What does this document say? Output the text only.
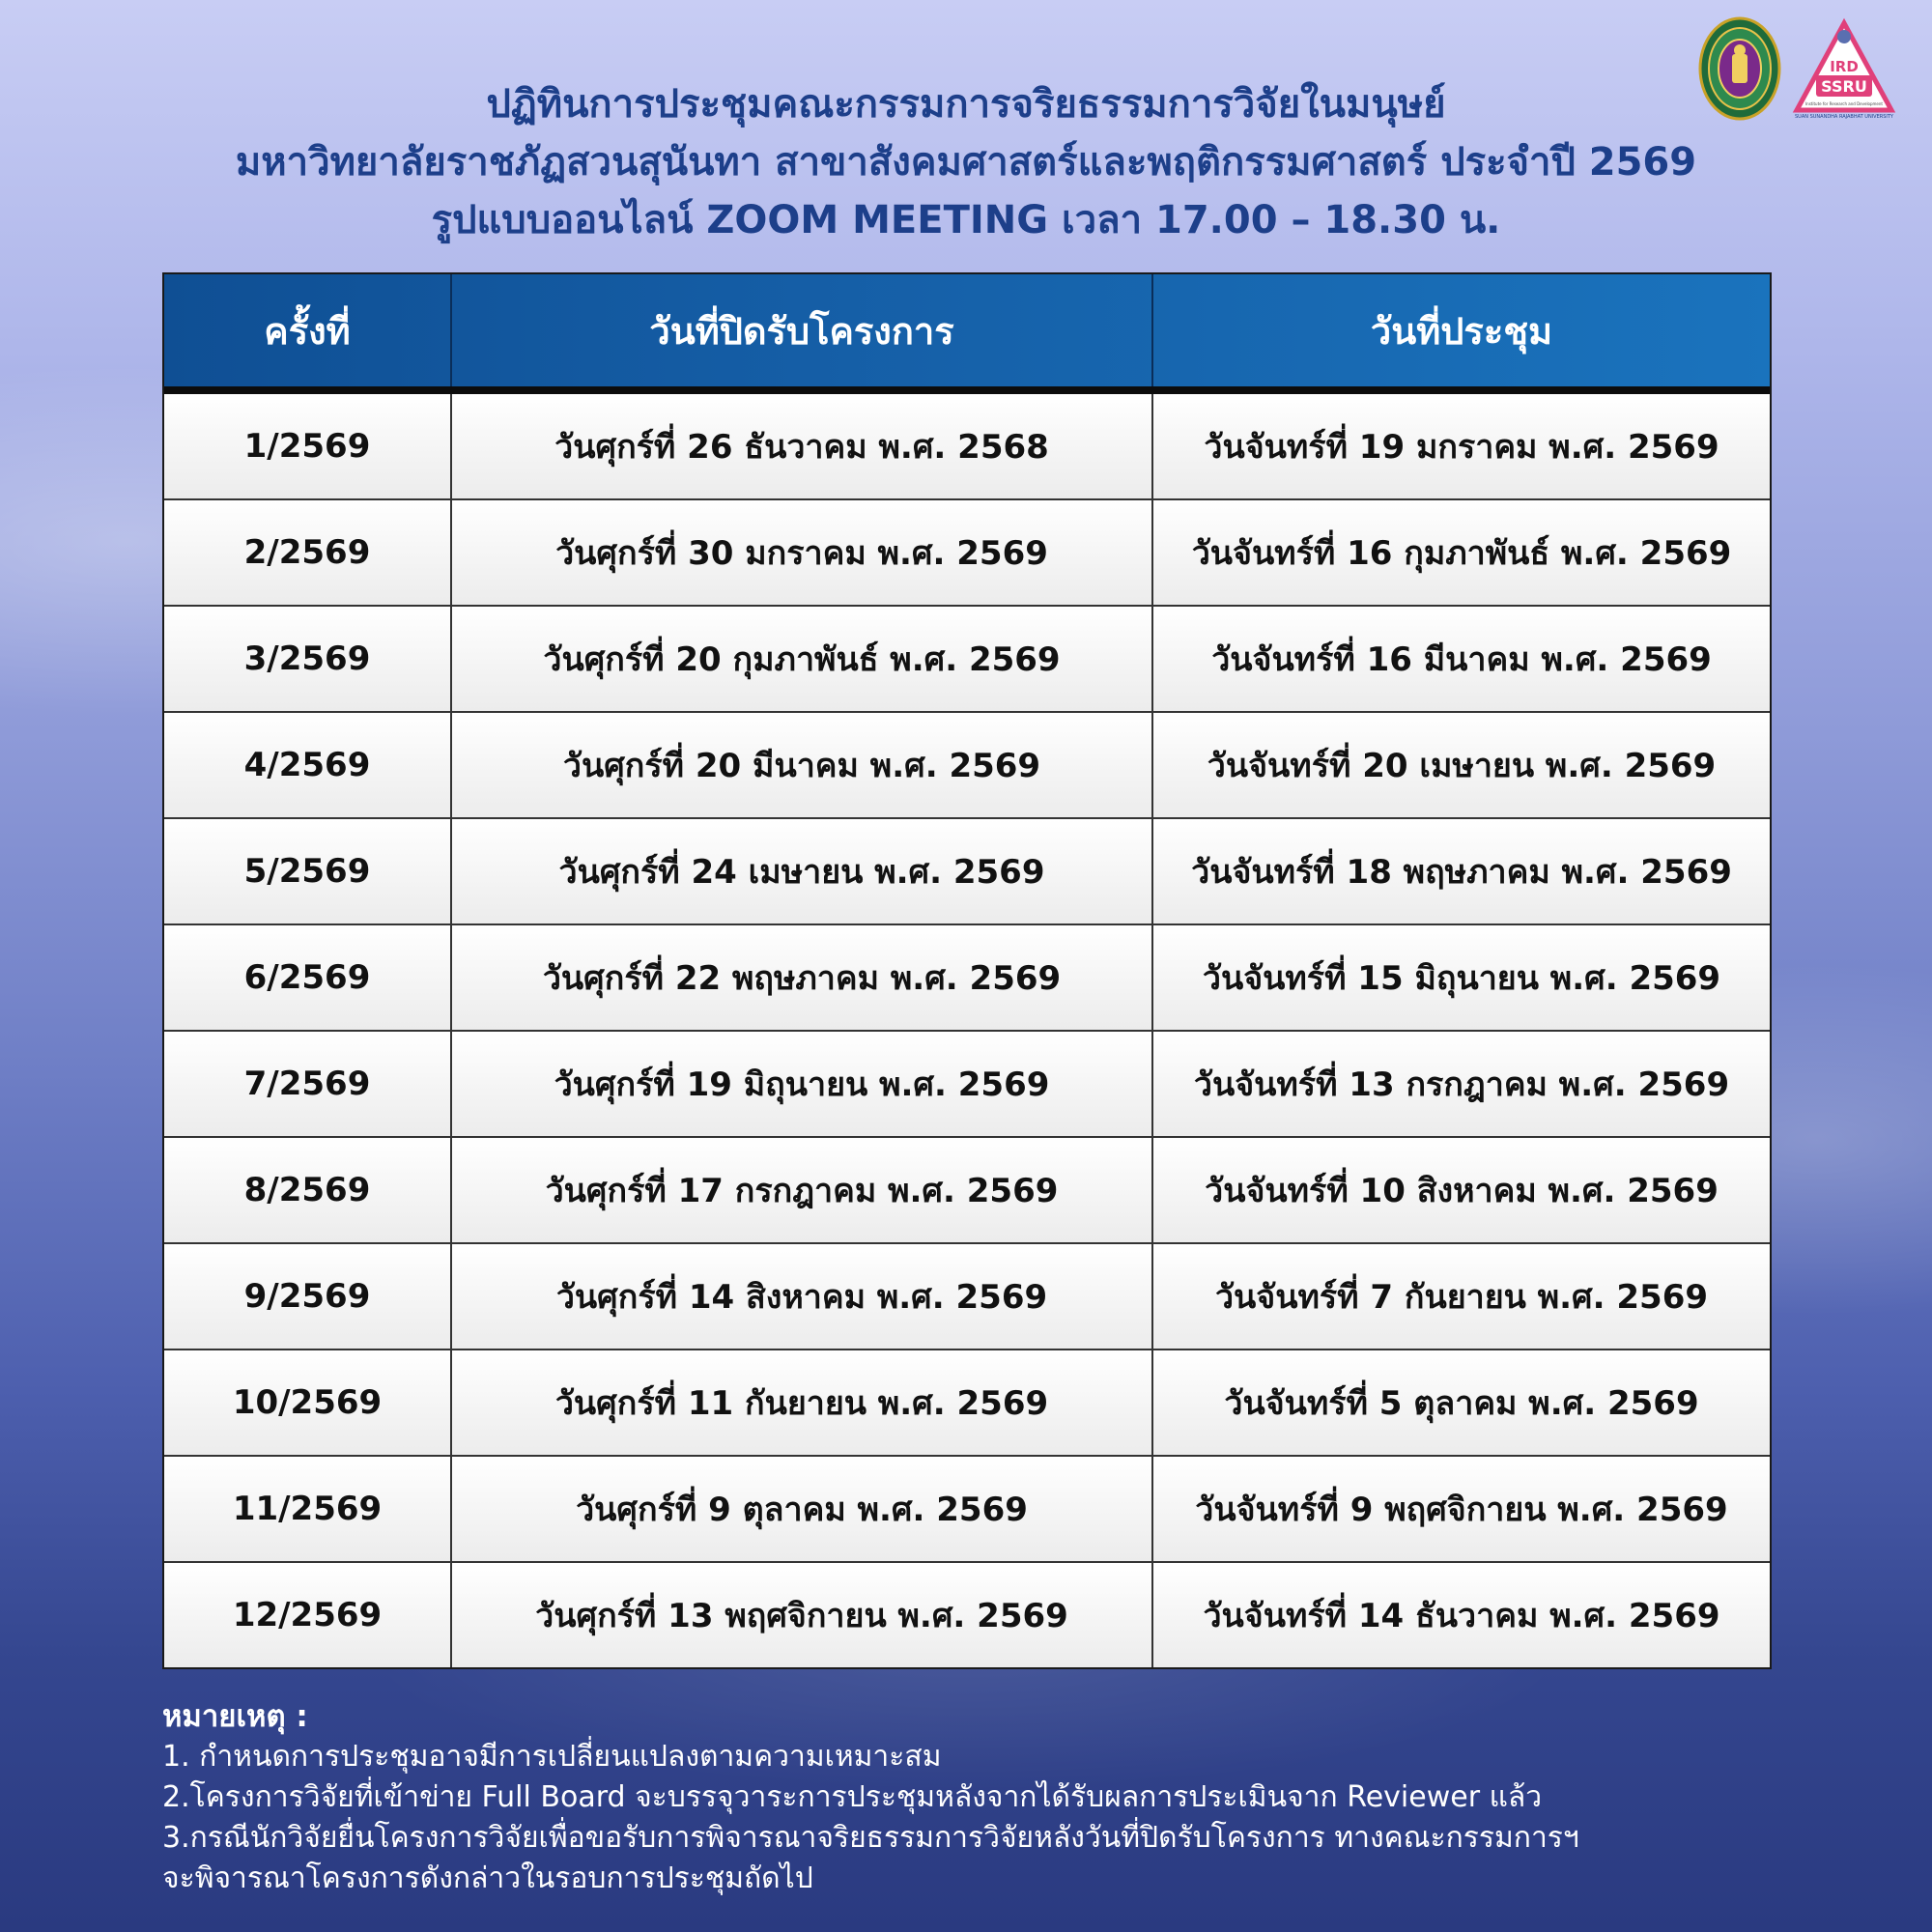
IRD
SSRU
Institute for Research and Development
SUAN SUNANDHA RAJABHAT UNIVERSITY
ปฏิทินการประชุมคณะกรรมการจริยธรรมการวิจัยในมนุษย์
มหาวิทยาลัยราชภัฏสวนสุนันทา สาขาสังคมศาสตร์และพฤติกรรมศาสตร์ ประจำปี 2569
รูปแบบออนไลน์ ZOOM MEETING เวลา 17.00 – 18.30 น.
ครั้งที่	วันที่ปิดรับโครงการ	วันที่ประชุม
1/2569	วันศุกร์ที่ 26 ธันวาคม พ.ศ. 2568	วันจันทร์ที่ 19 มกราคม พ.ศ. 2569
2/2569	วันศุกร์ที่ 30 มกราคม พ.ศ. 2569	วันจันทร์ที่ 16 กุมภาพันธ์ พ.ศ. 2569
3/2569	วันศุกร์ที่ 20 กุมภาพันธ์ พ.ศ. 2569	วันจันทร์ที่ 16 มีนาคม พ.ศ. 2569
4/2569	วันศุกร์ที่ 20 มีนาคม พ.ศ. 2569	วันจันทร์ที่ 20 เมษายน พ.ศ. 2569
5/2569	วันศุกร์ที่ 24 เมษายน พ.ศ. 2569	วันจันทร์ที่ 18 พฤษภาคม พ.ศ. 2569
6/2569	วันศุกร์ที่ 22 พฤษภาคม พ.ศ. 2569	วันจันทร์ที่ 15 มิถุนายน พ.ศ. 2569
7/2569	วันศุกร์ที่ 19 มิถุนายน พ.ศ. 2569	วันจันทร์ที่ 13 กรกฎาคม พ.ศ. 2569
8/2569	วันศุกร์ที่ 17 กรกฎาคม พ.ศ. 2569	วันจันทร์ที่ 10 สิงหาคม พ.ศ. 2569
9/2569	วันศุกร์ที่ 14 สิงหาคม พ.ศ. 2569	วันจันทร์ที่ 7 กันยายน พ.ศ. 2569
10/2569	วันศุกร์ที่ 11 กันยายน พ.ศ. 2569	วันจันทร์ที่ 5 ตุลาคม พ.ศ. 2569
11/2569	วันศุกร์ที่ 9 ตุลาคม พ.ศ. 2569	วันจันทร์ที่ 9 พฤศจิกายน พ.ศ. 2569
12/2569	วันศุกร์ที่ 13 พฤศจิกายน พ.ศ. 2569	วันจันทร์ที่ 14 ธันวาคม พ.ศ. 2569
หมายเหตุ :
1. กำหนดการประชุมอาจมีการเปลี่ยนแปลงตามความเหมาะสม
2.โครงการวิจัยที่เข้าข่าย Full Board จะบรรจุวาระการประชุมหลังจากได้รับผลการประเมินจาก Reviewer แล้ว
3.กรณีนักวิจัยยื่นโครงการวิจัยเพื่อขอรับการพิจารณาจริยธรรมการวิจัยหลังวันที่ปิดรับโครงการ ทางคณะกรรมการฯ
จะพิจารณาโครงการดังกล่าวในรอบการประชุมถัดไป
